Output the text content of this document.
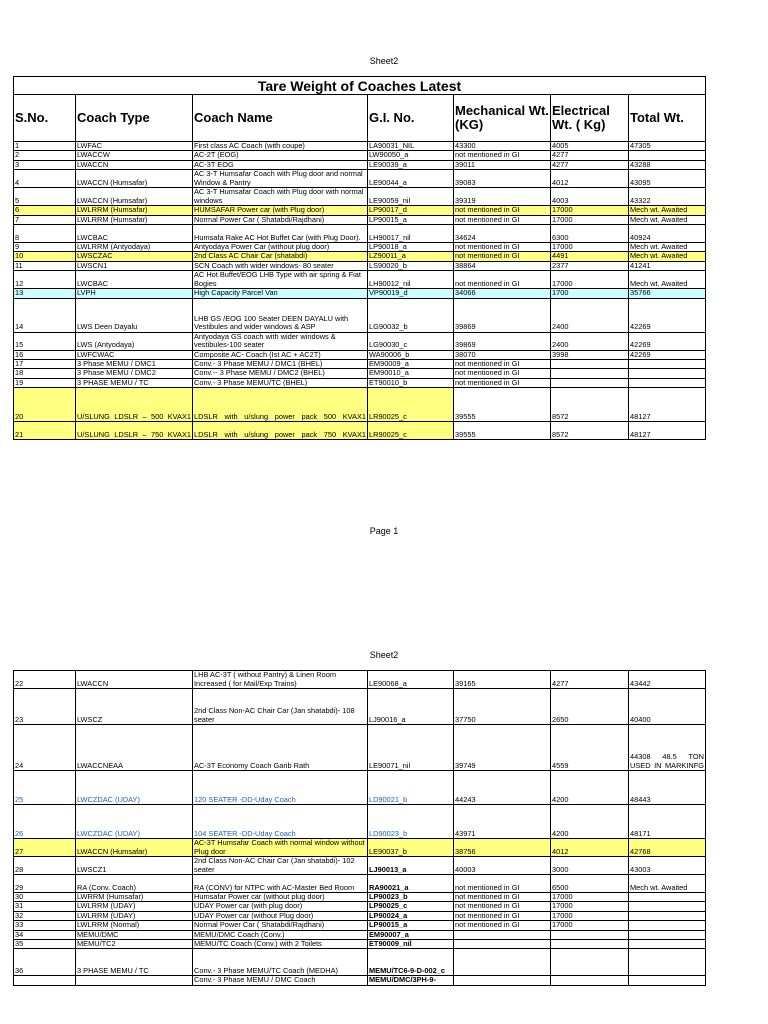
Sheet2
Tare Weight of Coaches Latest						
S.No.	Coach Type	Coach Name	G.I. No.	Mechanical Wt. (KG)	Electrical Wt. ( Kg)	Total Wt.
1	LWFAC	First class AC Coach (with coupe)	LA90031_NIL	43300	4005	47305
2	LWACCW	AC-2T (EOG)	LW90050_a	not mentioned in GI	4277	
3	LWACCN	AC-3T EOG	LE90039_a	39011	4277	43288
4	LWACCN (Humsafar)	AC 3-T Humsafar Coach with Plug door and normal Window & Pantry	LE90044_a	39083	4012	43095
5	LWACCN (Humsafar)	AC 3-T Humsafar Coach with Plug door with normal windows	LE90059_nil	39319	4003	43322
6	LWLRRM (Humsafar)	HUMSAFAR Power car (with Plug door)	LP90017_d	not mentioned in GI	17000	Mech wt. Awaited
7	LWLRRM (Humsafar)	Normal Power Car ( Shatabdi/Rajdhani)	LP90015_a	not mentioned in GI	17000	Mech wt. Awaited
8	LWCBAC	Humsafa Rake AC Hot Buffet Car (with Plug Door).	LH90017_nil	34624	6300	40924
9	LWLRRM (Antyodaya)	Antyodaya Power Car (without plug door)	LP90018_a	not mentioned in GI	17000	Mech wt. Awaited
10	LWSCZAC	2nd Class AC Chair Car (shatabdi)	LZ90011_a	not mentioned in GI	4491	Mech wt. Awaited
11	LWSCN1	SCN Coach with wider windows- 80 seater	LS90020_b	38864	2377	41241
12	LWCBAC	AC Hot Buffet/EOG LHB Type with air spring & Fiat Bogies	LH90012_nil	not mentioned in GI	17000	Mech wt. Awaited
13	LVPH	High Capacity Parcel Van	VP90019_d	34066	1700	35766
14	LWS Deen Dayalu	LHB GS /EOG 100 Seater DEEN DAYALU with Vestibules and wider windows & ASP	LG90032_b	39869	2400	42269
15	LWS (Antyodaya)	Antyodaya GS coach with wider windows & vestibules-100 seater	LG90030_c	39869	2400	42269
16	LWFCWAC	Composite AC- Coach (Ist AC + AC2T)	WA90006_b	38070	3998	42269
17	3 Phase MEMU / DMC1	Conv.- 3 Phase MEMU / DMC1 (BHEL)	EM90009_a	not mentioned in GI		
18	3 Phase MEMU / DMC2	Conv.-- 3 Phase MEMU / DMC2 (BHEL)	EM90010_a	not mentioned in GI		
19	3 PHASE MEMU / TC	Conv.- 3 Phase MEMU/TC (BHEL)	ET90010_b	not mentioned in GI		
20	U/SLUNG LDSLR – 500 KVAX1	LDSLR with u/slung power pack 500 KVAX1	LR90025_c	39555	8572	48127
21	U/SLUNG LDSLR – 750 KVAX1	LDSLR with u/slung power pack 750 KVAX1	LR90025_c	39555	8572	48127
Page 1
Sheet2
22	LWACCN	LHB AC-3T ( without Pantry) & Linen Room Increased ( for Mail/Exp Trains)	LE90068_a	39165	4277	43442
23	LWSCZ	2nd Class Non-AC Chair Car (Jan shatabdi)- 108 seater	LJ90016_a	37750	2650	40400
24	LWACCNEAA	AC-3T Economy Coach Garib Rath	LE90071_nil	39749	4559	44308 48.5 TON USED IN MARKINFG
25	LWCZDAC (UDAY)	120 SEATER -DD-Uday Coach	LD90021_b	44243	4200	48443
26	LWCZDAC (UDAY)	104 SEATER -DD-Uday Coach	LD90023_b	43971	4200	48171
27	LWACCN (Humsafar)	AC-3T Humsafar Coach with normal window without Plug door	LE90037_b	38756	4012	42768
28	LWSCZ1	2nd Class Non-AC Chair Car (Jan shatabdi)- 102 seater	LJ90013_a	40003	3000	43003
29	RA (Conv. Coach)	RA (CONV) for NTPC with AC-Master Bed Room	RA90021_a	not mentioned in GI	6500	Mech wt. Awaited
30	LWRRM (Humsafar)	Humsafar Power car (without plug door)	LP90023_b	not mentioned in GI	17000	
31	LWLRRM (UDAY)	UDAY Power car (with plug door)	LP90025_c	not mentioned in GI	17000	
32	LWLRRM (UDAY)	UDAY Power car (without Plug door)	LP90024_a	not mentioned in GI	17000	
33	LWLRRM (Normal)	Normal Power Car ( Shatabdi/Rajdhani)	LP90015_a	not mentioned in GI	17000	
34	MEMU/DMC	MEMU/DMC Coach (Conv.)	EM90007_a			
35	MEMU/TC2	MEMU/TC Coach (Conv.) with 2 Toilets	ET90009_nil			
36	3 PHASE MEMU / TC	Conv.- 3 Phase MEMU/TC Coach (MEDHA)	MEMU/TC6-9-D-002_c			
		Conv.- 3 Phase MEMU / DMC Coach	MEMU/DMC/3PH-9-			
